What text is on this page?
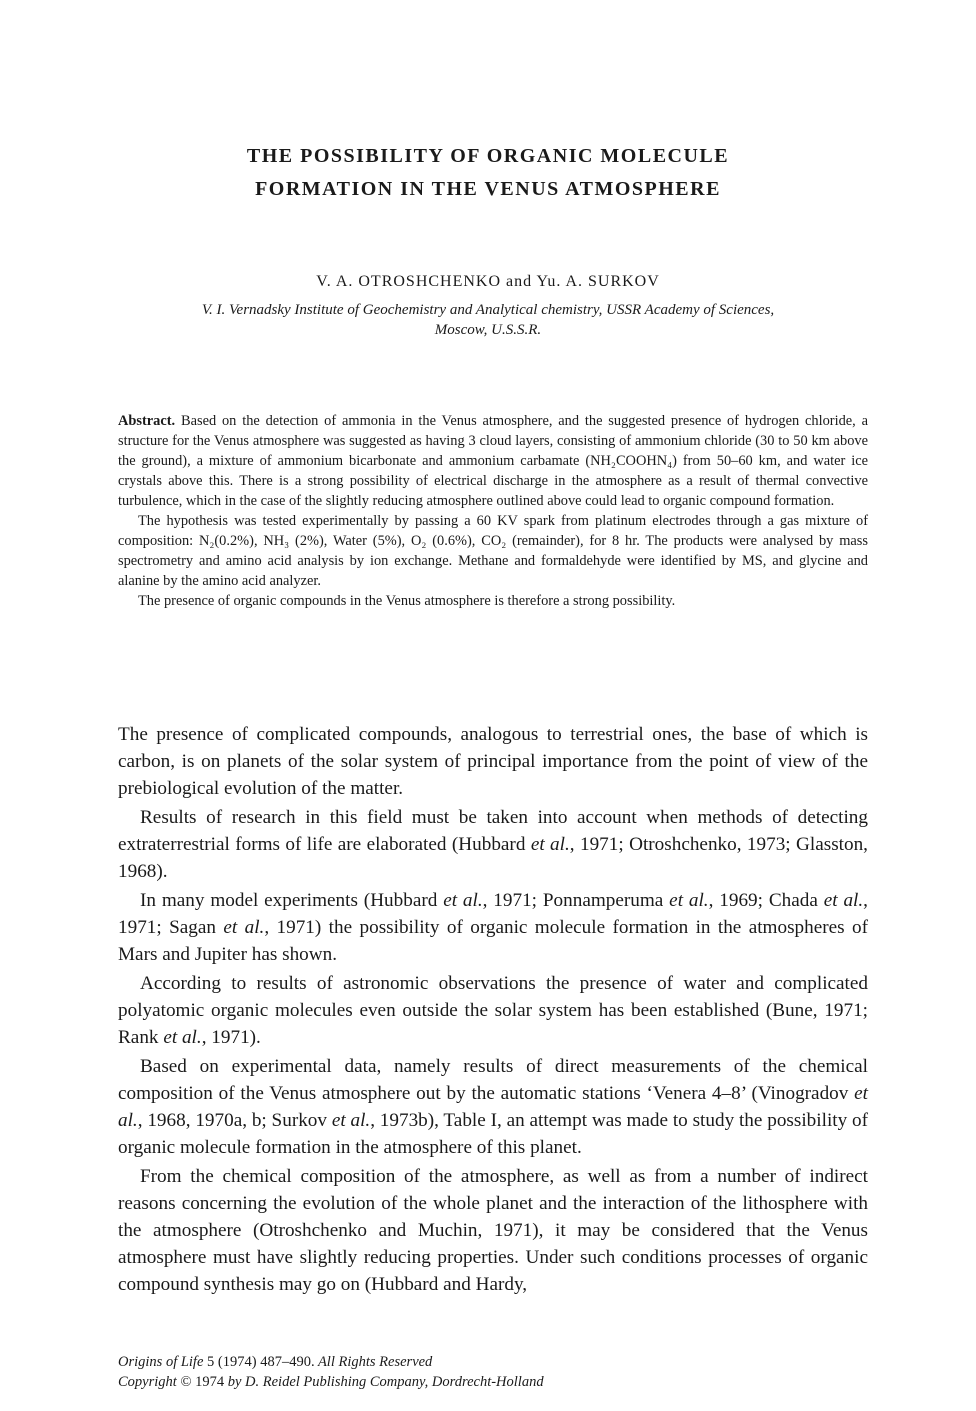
THE POSSIBILITY OF ORGANIC MOLECULE
FORMATION IN THE VENUS ATMOSPHERE
V. A. OTROSHCHENKO and Yu. A. SURKOV
V. I. Vernadsky Institute of Geochemistry and Analytical chemistry, USSR Academy of Sciences,
Moscow, U.S.S.R.

Abstract. Based on the detection of ammonia in the Venus atmosphere, and the suggested presence of hydrogen chloride, a structure for the Venus atmosphere was suggested as having 3 cloud layers, consisting of ammonium chloride (30 to 50 km above the ground), a mixture of ammonium bicarbonate and ammonium carbamate (NH₂COOHN₄) from 50–60 km, and water ice crystals above this. There is a strong possibility of electrical discharge in the atmosphere as a result of thermal convective turbulence, which in the case of the slightly reducing atmosphere outlined above could lead to organic compound formation.

The hypothesis was tested experimentally by passing a 60 KV spark from platinum electrodes through a gas mixture of composition: N₂(0.2%), NH₃ (2%), Water (5%), O₂ (0.6%), CO₂ (remainder), for 8 hr. The products were analysed by mass spectrometry and amino acid analysis by ion exchange. Methane and formaldehyde were identified by MS, and glycine and alanine by the amino acid analyzer.

The presence of organic compounds in the Venus atmosphere is therefore a strong possibility.

The presence of complicated compounds, analogous to terrestrial ones, the base of which is carbon, is on planets of the solar system of principal importance from the point of view of the prebiological evolution of the matter.

Results of research in this field must be taken into account when methods of detecting extraterrestrial forms of life are elaborated (Hubbard et al., 1971; Otroshchenko, 1973; Glasston, 1968).

In many model experiments (Hubbard et al., 1971; Ponnamperuma et al., 1969; Chada et al., 1971; Sagan et al., 1971) the possibility of organic molecule formation in the atmospheres of Mars and Jupiter has shown.

According to results of astronomic observations the presence of water and complicated polyatomic organic molecules even outside the solar system has been established (Bune, 1971; Rank et al., 1971).

Based on experimental data, namely results of direct measurements of the chemical composition of the Venus atmosphere out by the automatic stations ‘Venera 4–8’ (Vinogradov et al., 1968, 1970a, b; Surkov et al., 1973b), Table I, an attempt was made to study the possibility of organic molecule formation in the atmosphere of this planet.

From the chemical composition of the atmosphere, as well as from a number of indirect reasons concerning the evolution of the whole planet and the interaction of the lithosphere with the atmosphere (Otroshchenko and Muchin, 1971), it may be considered that the Venus atmosphere must have slightly reducing properties. Under such conditions processes of organic compound synthesis may go on (Hubbard and Hardy,

Origins of Life 5 (1974) 487–490. All Rights Reserved
Copyright © 1974 by D. Reidel Publishing Company, Dordrecht-Holland
